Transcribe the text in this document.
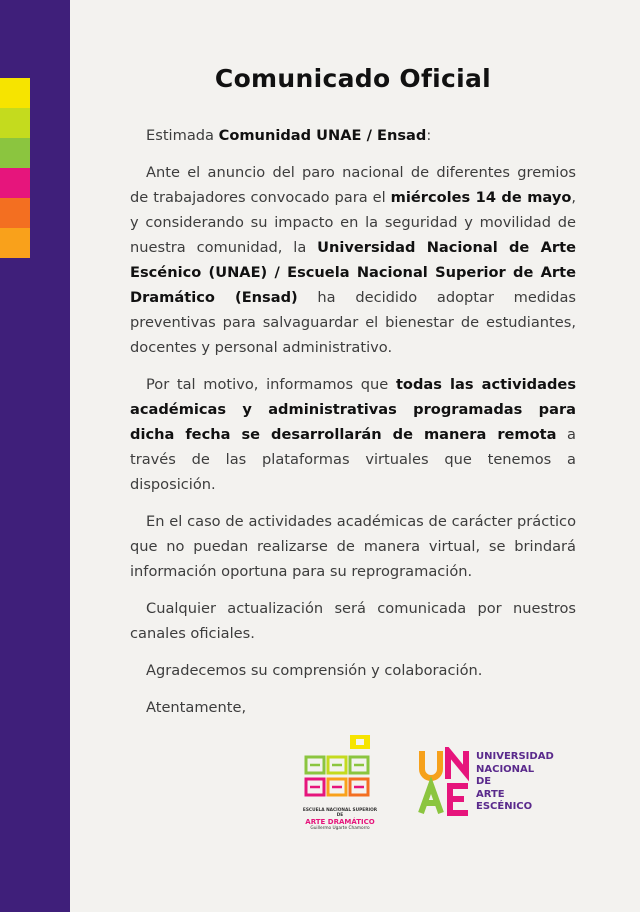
Comunicado Oficial

Estimada Comunidad UNAE / Ensad:

Ante el anuncio del paro nacional de diferentes gremios de trabajadores convocado para el miércoles 14 de mayo, y considerando su impacto en la seguridad y movilidad de nuestra comunidad, la Universidad Nacional de Arte Escénico (UNAE) / Escuela Nacional Superior de Arte Dramático (Ensad) ha decidido adoptar medidas preventivas para salvaguardar el bienestar de estudiantes, docentes y personal administrativo.

Por tal motivo, informamos que todas las actividades académicas y administrativas programadas para dicha fecha se desarrollarán de manera remota a través de las plataformas virtuales que tenemos a disposición.

En el caso de actividades académicas de carácter práctico que no puedan realizarse de manera virtual, se brindará información oportuna para su reprogramación.

Cualquier actualización será comunicada por nuestros canales oficiales.

Agradecemos su comprensión y colaboración.

Atentamente,

ESCUELA NACIONAL SUPERIOR DE
ARTE DRAMÁTICO
Guillermo Ugarte Chamorro
UNIVERSIDAD
NACIONAL
DE
ARTE
ESCÉNICO
